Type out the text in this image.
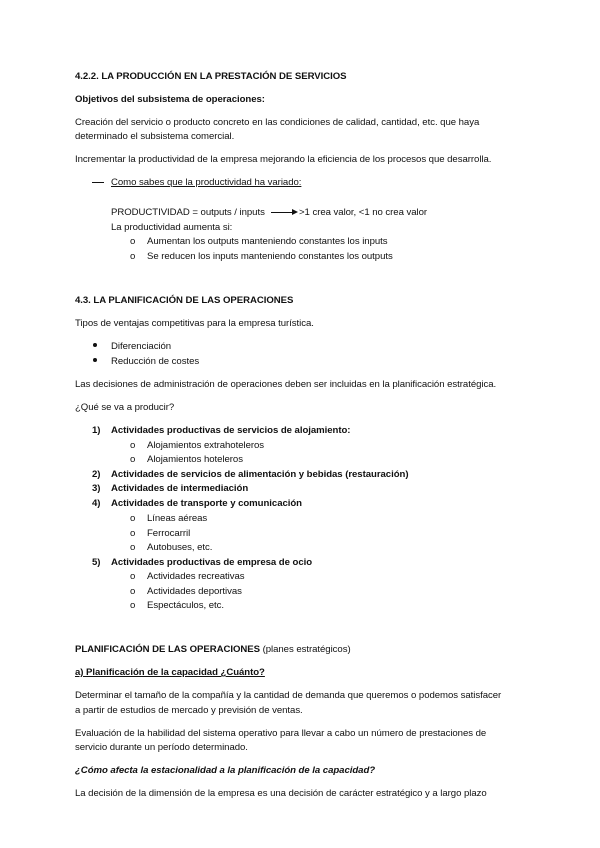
4.2.2. LA PRODUCCIÓN EN LA PRESTACIÓN DE SERVICIOS
Objetivos del subsistema de operaciones:
Creación del servicio o producto concreto en las condiciones de calidad, cantidad, etc. que haya
determinado el subsistema comercial.
Incrementar la productividad de la empresa mejorando la eficiencia de los procesos que desarrolla.
Como sabes que la productividad ha variado:
PRODUCTIVIDAD = outputs / inputs	>1 crea valor, <1 no crea valor
La productividad aumenta si:
o Aumentan los outputs manteniendo constantes los inputs
o Se reducen los inputs manteniendo constantes los outputs
4.3. LA PLANIFICACIÓN DE LAS OPERACIONES
Tipos de ventajas competitivas para la empresa turística.
Diferenciación
Reducción de costes
Las decisiones de administración de operaciones deben ser incluidas en la planificación estratégica.
¿Qué se va a producir?
1) Actividades productivas de servicios de alojamiento:
o Alojamientos extrahoteleros
o Alojamientos hoteleros
2) Actividades de servicios de alimentación y bebidas (restauración)
3) Actividades de intermediación
4) Actividades de transporte y comunicación
o Líneas aéreas
o Ferrocarril
o Autobuses, etc.
5) Actividades productivas de empresa de ocio
o Actividades recreativas
o Actividades deportivas
o Espectáculos, etc.
PLANIFICACIÓN DE LAS OPERACIONES (planes estratégicos)
a) Planificación de la capacidad ¿Cuánto?
Determinar el tamaño de la compañía y la cantidad de demanda que queremos o podemos satisfacer
a partir de estudios de mercado y previsión de ventas.
Evaluación de la habilidad del sistema operativo para llevar a cabo un número de prestaciones de
servicio durante un período determinado.
¿Cómo afecta la estacionalidad a la planificación de la capacidad?
La decisión de la dimensión de la empresa es una decisión de carácter estratégico y a largo plazo
